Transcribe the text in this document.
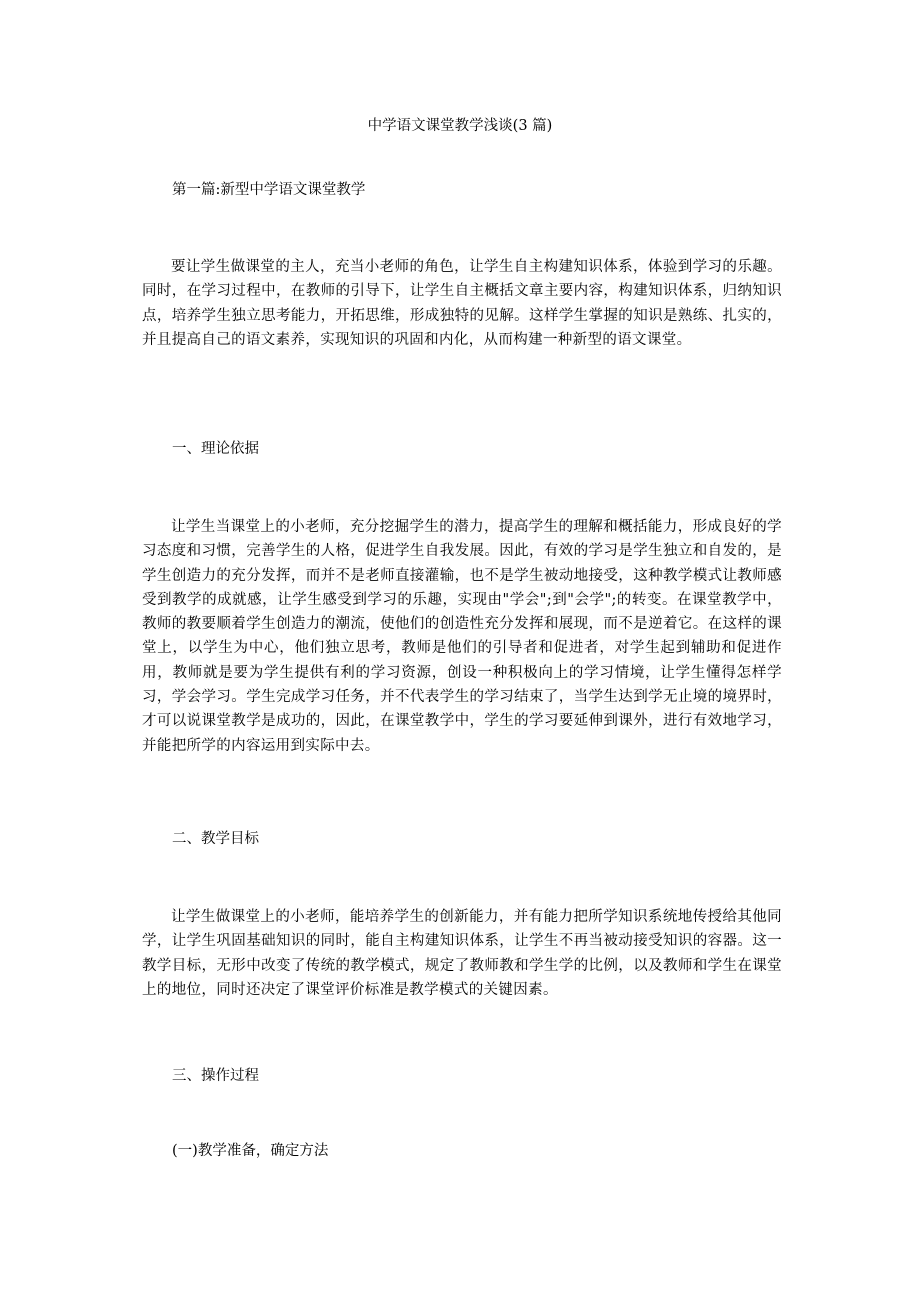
中学语文课堂教学浅谈(3 篇)
第一篇:新型中学语文课堂教学
要让学生做课堂的主人，充当小老师的角色，让学生自主构建知识体系，体验到学习的乐趣。同时，在学习过程中，在教师的引导下，让学生自主概括文章主要内容，构建知识体系，归纳知识点，培养学生独立思考能力，开拓思维，形成独特的见解。这样学生掌握的知识是熟练、扎实的，并且提高自己的语文素养，实现知识的巩固和内化，从而构建一种新型的语文课堂。
一、理论依据
让学生当课堂上的小老师，充分挖掘学生的潜力，提高学生的理解和概括能力，形成良好的学习态度和习惯，完善学生的人格，促进学生自我发展。因此，有效的学习是学生独立和自发的，是学生创造力的充分发挥，而并不是老师直接灌输，也不是学生被动地接受，这种教学模式让教师感受到教学的成就感，让学生感受到学习的乐趣，实现由"学会";到"会学";的转变。在课堂教学中，教师的教要顺着学生创造力的潮流，使他们的创造性充分发挥和展现，而不是逆着它。在这样的课堂上，以学生为中心，他们独立思考，教师是他们的引导者和促进者，对学生起到辅助和促进作用，教师就是要为学生提供有利的学习资源，创设一种积极向上的学习情境，让学生懂得怎样学习，学会学习。学生完成学习任务，并不代表学生的学习结束了，当学生达到学无止境的境界时，才可以说课堂教学是成功的，因此，在课堂教学中，学生的学习要延伸到课外，进行有效地学习，并能把所学的内容运用到实际中去。
二、教学目标
让学生做课堂上的小老师，能培养学生的创新能力，并有能力把所学知识系统地传授给其他同学，让学生巩固基础知识的同时，能自主构建知识体系，让学生不再当被动接受知识的容器。这一教学目标，无形中改变了传统的教学模式，规定了教师教和学生学的比例，以及教师和学生在课堂上的地位，同时还决定了课堂评价标准是教学模式的关键因素。
三、操作过程
(一)教学准备，确定方法
